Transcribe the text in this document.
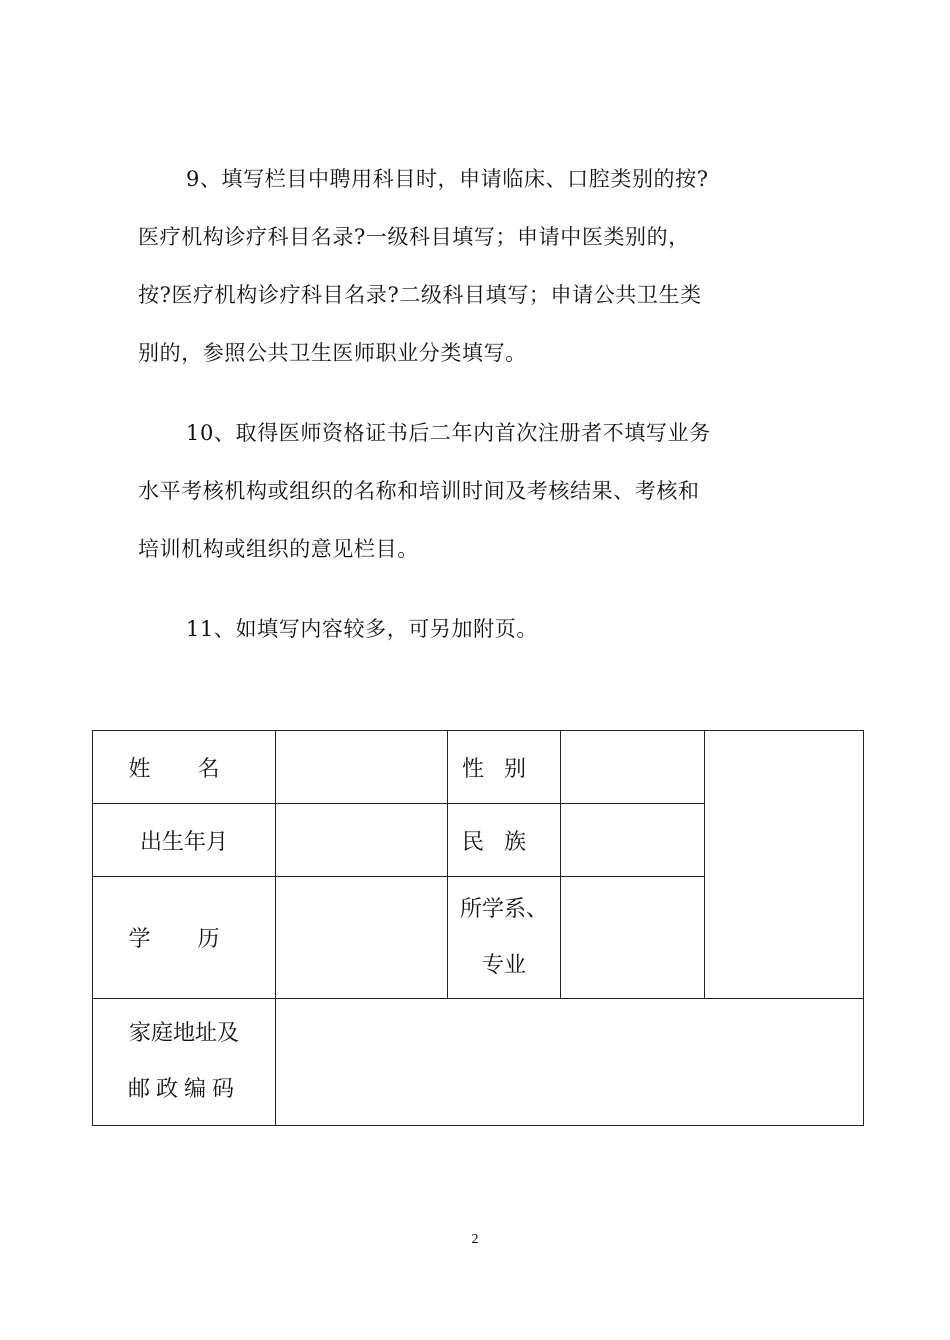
9、填写栏目中聘用科目时，申请临床、口腔类别的按?
医疗机构诊疗科目名录?一级科目填写；申请中医类别的，
按?医疗机构诊疗科目名录?二级科目填写；申请公共卫生类
别的，参照公共卫生医师职业分类填写。
10、取得医师资格证书后二年内首次注册者不填写业务
水平考核机构或组织的名称和培训时间及考核结果、考核和
培训机构或组织的意见栏目。
11、如填写内容较多，可另加附页。
姓 名		性别		
出生年月		民族		
学 历		所学系、
专业		

家庭地址及
邮政编码				

2
